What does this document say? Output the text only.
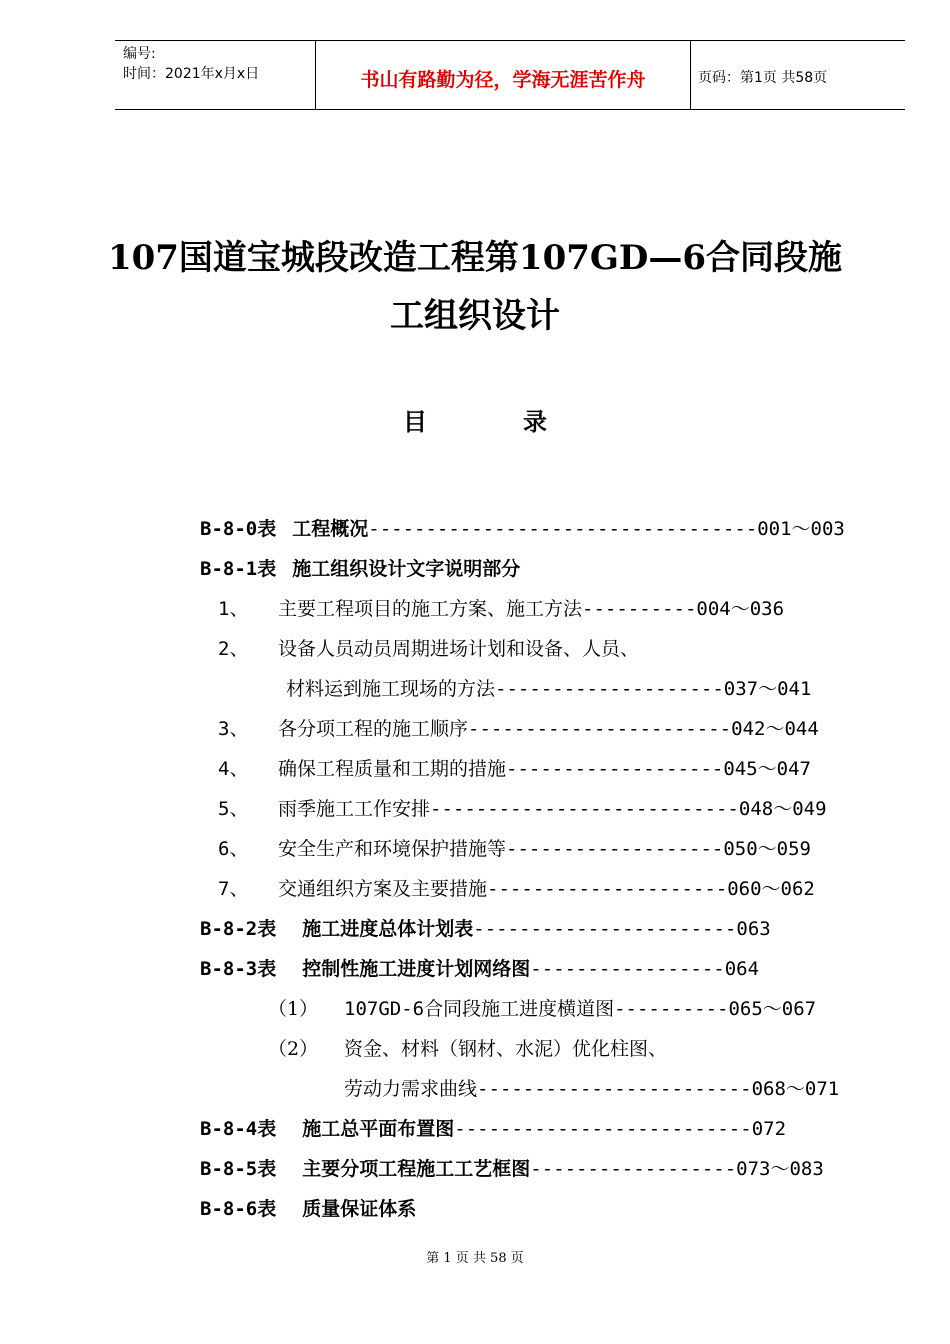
编号:
时间：2021年x月x日	书山有路勤为径，学海无涯苦作舟	页码：第1页 共58页
107国道宝城段改造工程第107GD—6合同段施
工组织设计
目	录
B-8-0表 工程概况----------------------------------001～003
B-8-1表 施工组织设计文字说明部分
1、 主要工程项目的施工方案、施工方法----------004～036
2、 设备人员动员周期进场计划和设备、人员、
材料运到施工现场的方法--------------------037～041
3、 各分项工程的施工顺序-----------------------042～044
4、 确保工程质量和工期的措施-------------------045～047
5、 雨季施工工作安排---------------------------048～049
6、 安全生产和环境保护措施等-------------------050～059
7、 交通组织方案及主要措施---------------------060～062
B-8-2表 施工进度总体计划表-----------------------063
B-8-3表 控制性施工进度计划网络图-----------------064
（1） 107GD-6合同段施工进度横道图----------065～067
（2） 资金、材料（钢材、水泥）优化柱图、
劳动力需求曲线------------------------068～071
B-8-4表 施工总平面布置图--------------------------072
B-8-5表 主要分项工程施工工艺框图------------------073～083
B-8-6表 质量保证体系
第 1 页 共 58 页
